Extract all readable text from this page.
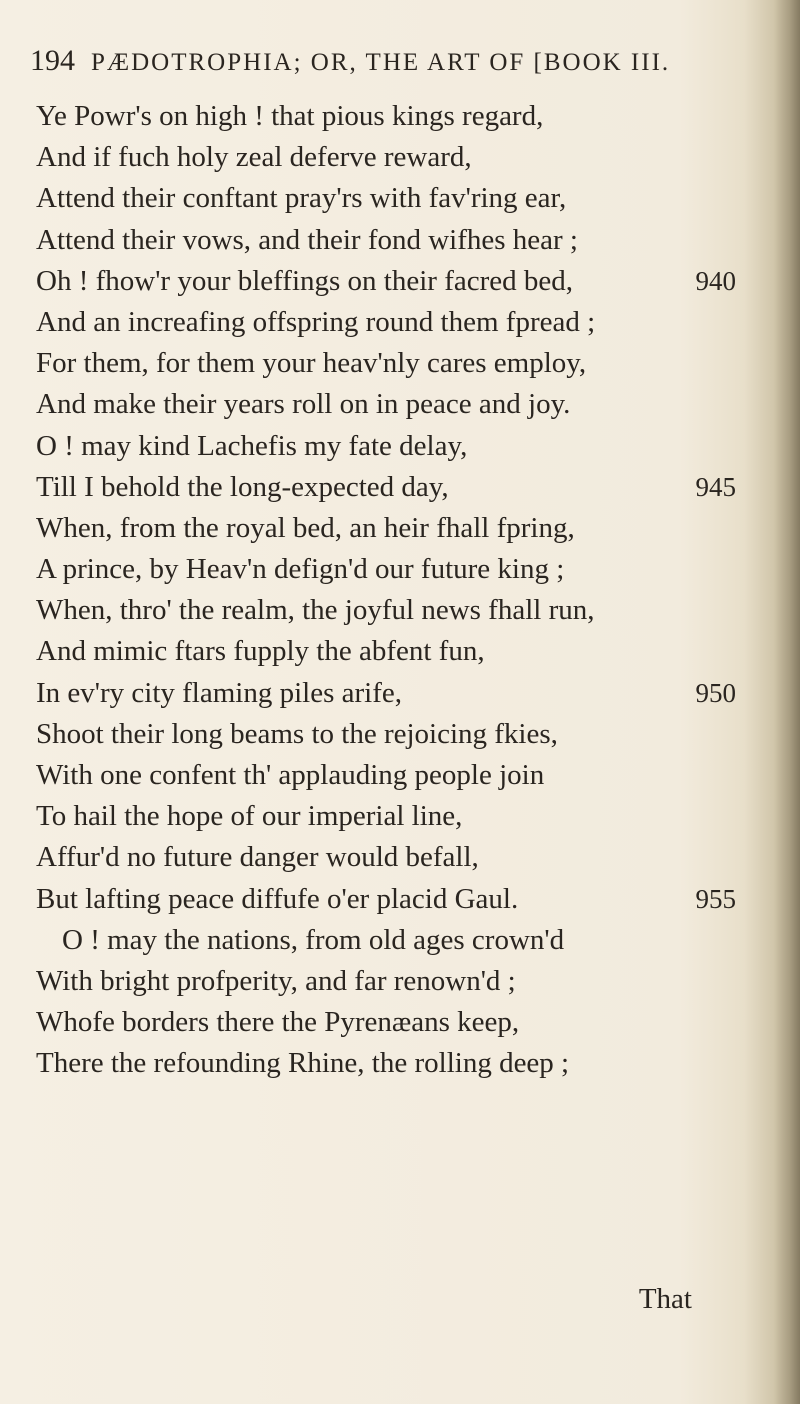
194 PÆDOTROPHIA; OR, THE ART OF [BOOK III.
Ye Powr's on high ! that pious kings regard,
And if fuch holy zeal deferve reward,
Attend their conftant pray'rs with fav'ring ear,
Attend their vows, and their fond wifhes hear ;
Oh ! fhow'r your bleffings on their facred bed,	940
And an increafing offspring round them fpread ;
For them, for them your heav'nly cares employ,
And make their years roll on in peace and joy.
O ! may kind Lachefis my fate delay,
Till I behold the long-expected day,	945
When, from the royal bed, an heir fhall fpring,
A prince, by Heav'n defign'd our future king ;
When, thro' the realm, the joyful news fhall run,
And mimic ftars fupply the abfent fun,
In ev'ry city flaming piles arife,	950
Shoot their long beams to the rejoicing fkies,
With one confent th' applauding people join
To hail the hope of our imperial line,
Affur'd no future danger would befall,
But lafting peace diffufe o'er placid Gaul.	955
O ! may the nations, from old ages crown'd
With bright profperity, and far renown'd ;
Whofe borders there the Pyrenæans keep,
There the refounding Rhine, the rolling deep ;
That
